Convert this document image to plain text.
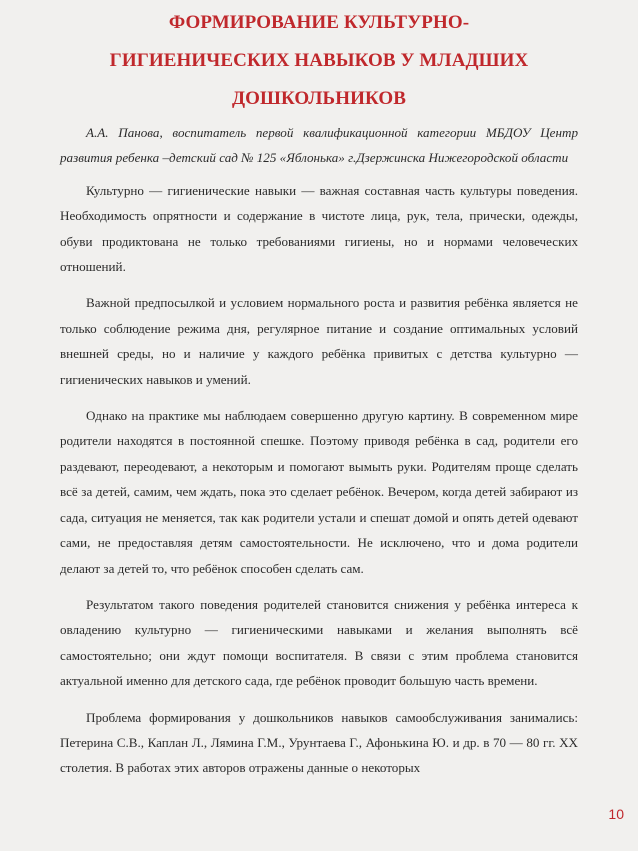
ФОРМИРОВАНИЕ КУЛЬТУРНО-
ГИГИЕНИЧЕСКИХ НАВЫКОВ У МЛАДШИХ
ДОШКОЛЬНИКОВ

А.А. Панова, воспитатель первой квалификационной категории МБДОУ Центр развития ребенка –детский сад № 125 «Яблонька» г.Дзержинска Нижегородской области

Культурно — гигиенические навыки — важная составная часть культуры поведения. Необходимость опрятности и содержание в чистоте лица, рук, тела, прически, одежды, обуви продиктована не только требованиями гигиены, но и нормами человеческих отношений.

Важной предпосылкой и условием нормального роста и развития ребёнка является не только соблюдение режима дня, регулярное питание и создание оптимальных условий внешней среды, но и наличие у каждого ребёнка привитых с детства культурно — гигиенических навыков и умений.

Однако на практике мы наблюдаем совершенно другую картину. В современном мире родители находятся в постоянной спешке. Поэтому приводя ребёнка в сад, родители его раздевают, переодевают, а некоторым и помогают вымыть руки. Родителям проще сделать всё за детей, самим, чем ждать, пока это сделает ребёнок. Вечером, когда детей забирают из сада, ситуация не меняется, так как родители устали и спешат домой и опять детей одевают сами, не предоставляя детям самостоятельности. Не исключено, что и дома родители делают за детей то, что ребёнок способен сделать сам.

Результатом такого поведения родителей становится снижения у ребёнка интереса к овладению культурно — гигиеническими навыками и желания выполнять всё самостоятельно; они ждут помощи воспитателя. В связи с этим проблема становится актуальной именно для детского сада, где ребёнок проводит большую часть времени.

Проблема формирования у дошкольников навыков самообслуживания занимались: Петерина С.В., Каплан Л., Лямина Г.М., Урунтаева Г., Афонькина Ю. и др. в 70 — 80 гг. XX столетия. В работах этих авторов отражены данные о некоторых

10
